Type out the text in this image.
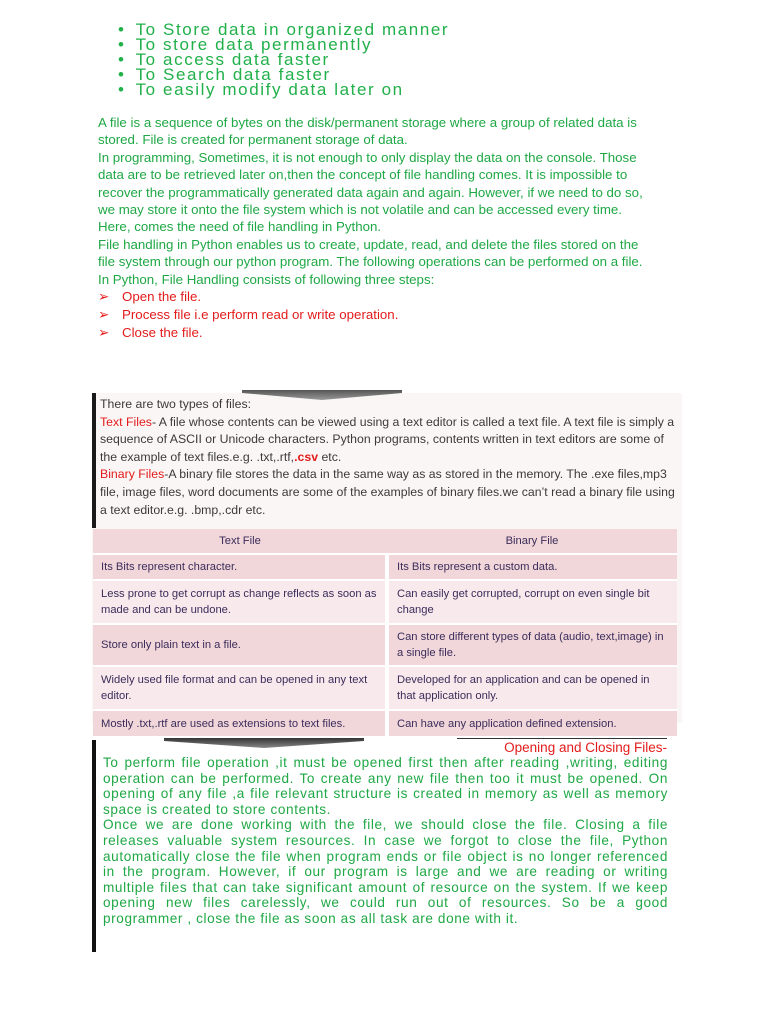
• To Store data in organized manner
• To store data permanently
• To access data faster
• To Search data faster
• To easily modify data later on

A file is a sequence of bytes on the disk/permanent storage where a group of related data is stored. File is created for permanent storage of data.

In programming, Sometimes, it is not enough to only display the data on the console. Those data are to be retrieved later on,then the concept of file handling comes. It is impossible to recover the programmatically generated data again and again. However, if we need to do so, we may store it onto the file system which is not volatile and can be accessed every time. Here, comes the need of file handling in Python.

File handling in Python enables us to create, update, read, and delete the files stored on the file system through our python program. The following operations can be performed on a file.

In Python, File Handling consists of following three steps:

➢ Open the file.
➢ Process file i.e perform read or write operation.
➢ Close the file.

There are two types of files:

Text Files- A file whose contents can be viewed using a text editor is called a text file. A text file is simply a sequence of ASCII or Unicode characters. Python programs, contents written in text editors are some of the example of text files.e.g. .txt,.rtf,.csv etc.

Binary Files-A binary file stores the data in the same way as as stored in the memory. The .exe files,mp3 file, image files, word documents are some of the examples of binary files.we can’t read a binary file using a text editor.e.g. .bmp,.cdr etc.

Text File	Binary File
Its Bits represent character.	Its Bits represent a custom data.
Less prone to get corrupt as change reflects as soon as made and can be undone.	Can easily get corrupted, corrupt on even single bit change
Store only plain text in a file.	Can store different types of data (audio, text,image) in a single file.
Widely used file format and can be opened in any text editor.	Developed for an application and can be opened in that application only.
Mostly .txt,.rtf are used as extensions to text files.	Can have any application defined extension.
Opening and Closing Files-

To perform file operation ,it must be opened first then after reading ,writing, editing operation can be performed. To create any new file then too it must be opened. On opening of any file ,a file relevant structure is created in memory as well as memory space is created to store contents.

Once we are done working with the file, we should close the file. Closing a file releases valuable system resources. In case we forgot to close the file, Python automatically close the file when program ends or file object is no longer referenced in the program. However, if our program is large and we are reading or writing multiple files that can take significant amount of resource on the system. If we keep opening new files carelessly, we could run out of resources. So be a good programmer , close the file as soon as all task are done with it.
